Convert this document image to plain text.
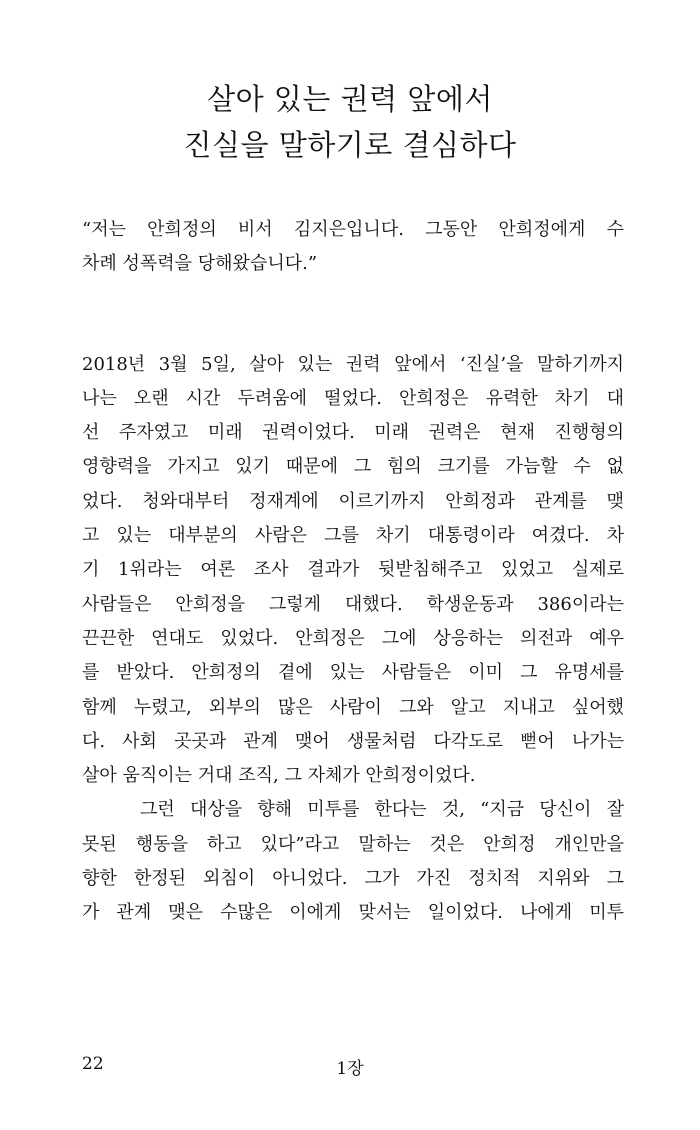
살아 있는 권력 앞에서
진실을 말하기로 결심하다
“저는 안희정의 비서 김지은입니다. 그동안 안희정에게 수
차례 성폭력을 당해왔습니다.”
2018년 3월 5일, 살아 있는 권력 앞에서 ‘진실’을 말하기까지
나는 오랜 시간 두려움에 떨었다. 안희정은 유력한 차기 대
선 주자였고 미래 권력이었다. 미래 권력은 현재 진행형의
영향력을 가지고 있기 때문에 그 힘의 크기를 가늠할 수 없
었다. 청와대부터 정재계에 이르기까지 안희정과 관계를 맺
고 있는 대부분의 사람은 그를 차기 대통령이라 여겼다. 차
기 1위라는 여론 조사 결과가 뒷받침해주고 있었고 실제로
사람들은 안희정을 그렇게 대했다. 학생운동과 386이라는
끈끈한 연대도 있었다. 안희정은 그에 상응하는 의전과 예우
를 받았다. 안희정의 곁에 있는 사람들은 이미 그 유명세를
함께 누렸고, 외부의 많은 사람이 그와 알고 지내고 싶어했
다. 사회 곳곳과 관계 맺어 생물처럼 다각도로 뻗어 나가는
살아 움직이는 거대 조직, 그 자체가 안희정이었다.
그런 대상을 향해 미투를 한다는 것, “지금 당신이 잘
못된 행동을 하고 있다”라고 말하는 것은 안희정 개인만을
향한 한정된 외침이 아니었다. 그가 가진 정치적 지위와 그
가 관계 맺은 수많은 이에게 맞서는 일이었다. 나에게 미투
22	1장
